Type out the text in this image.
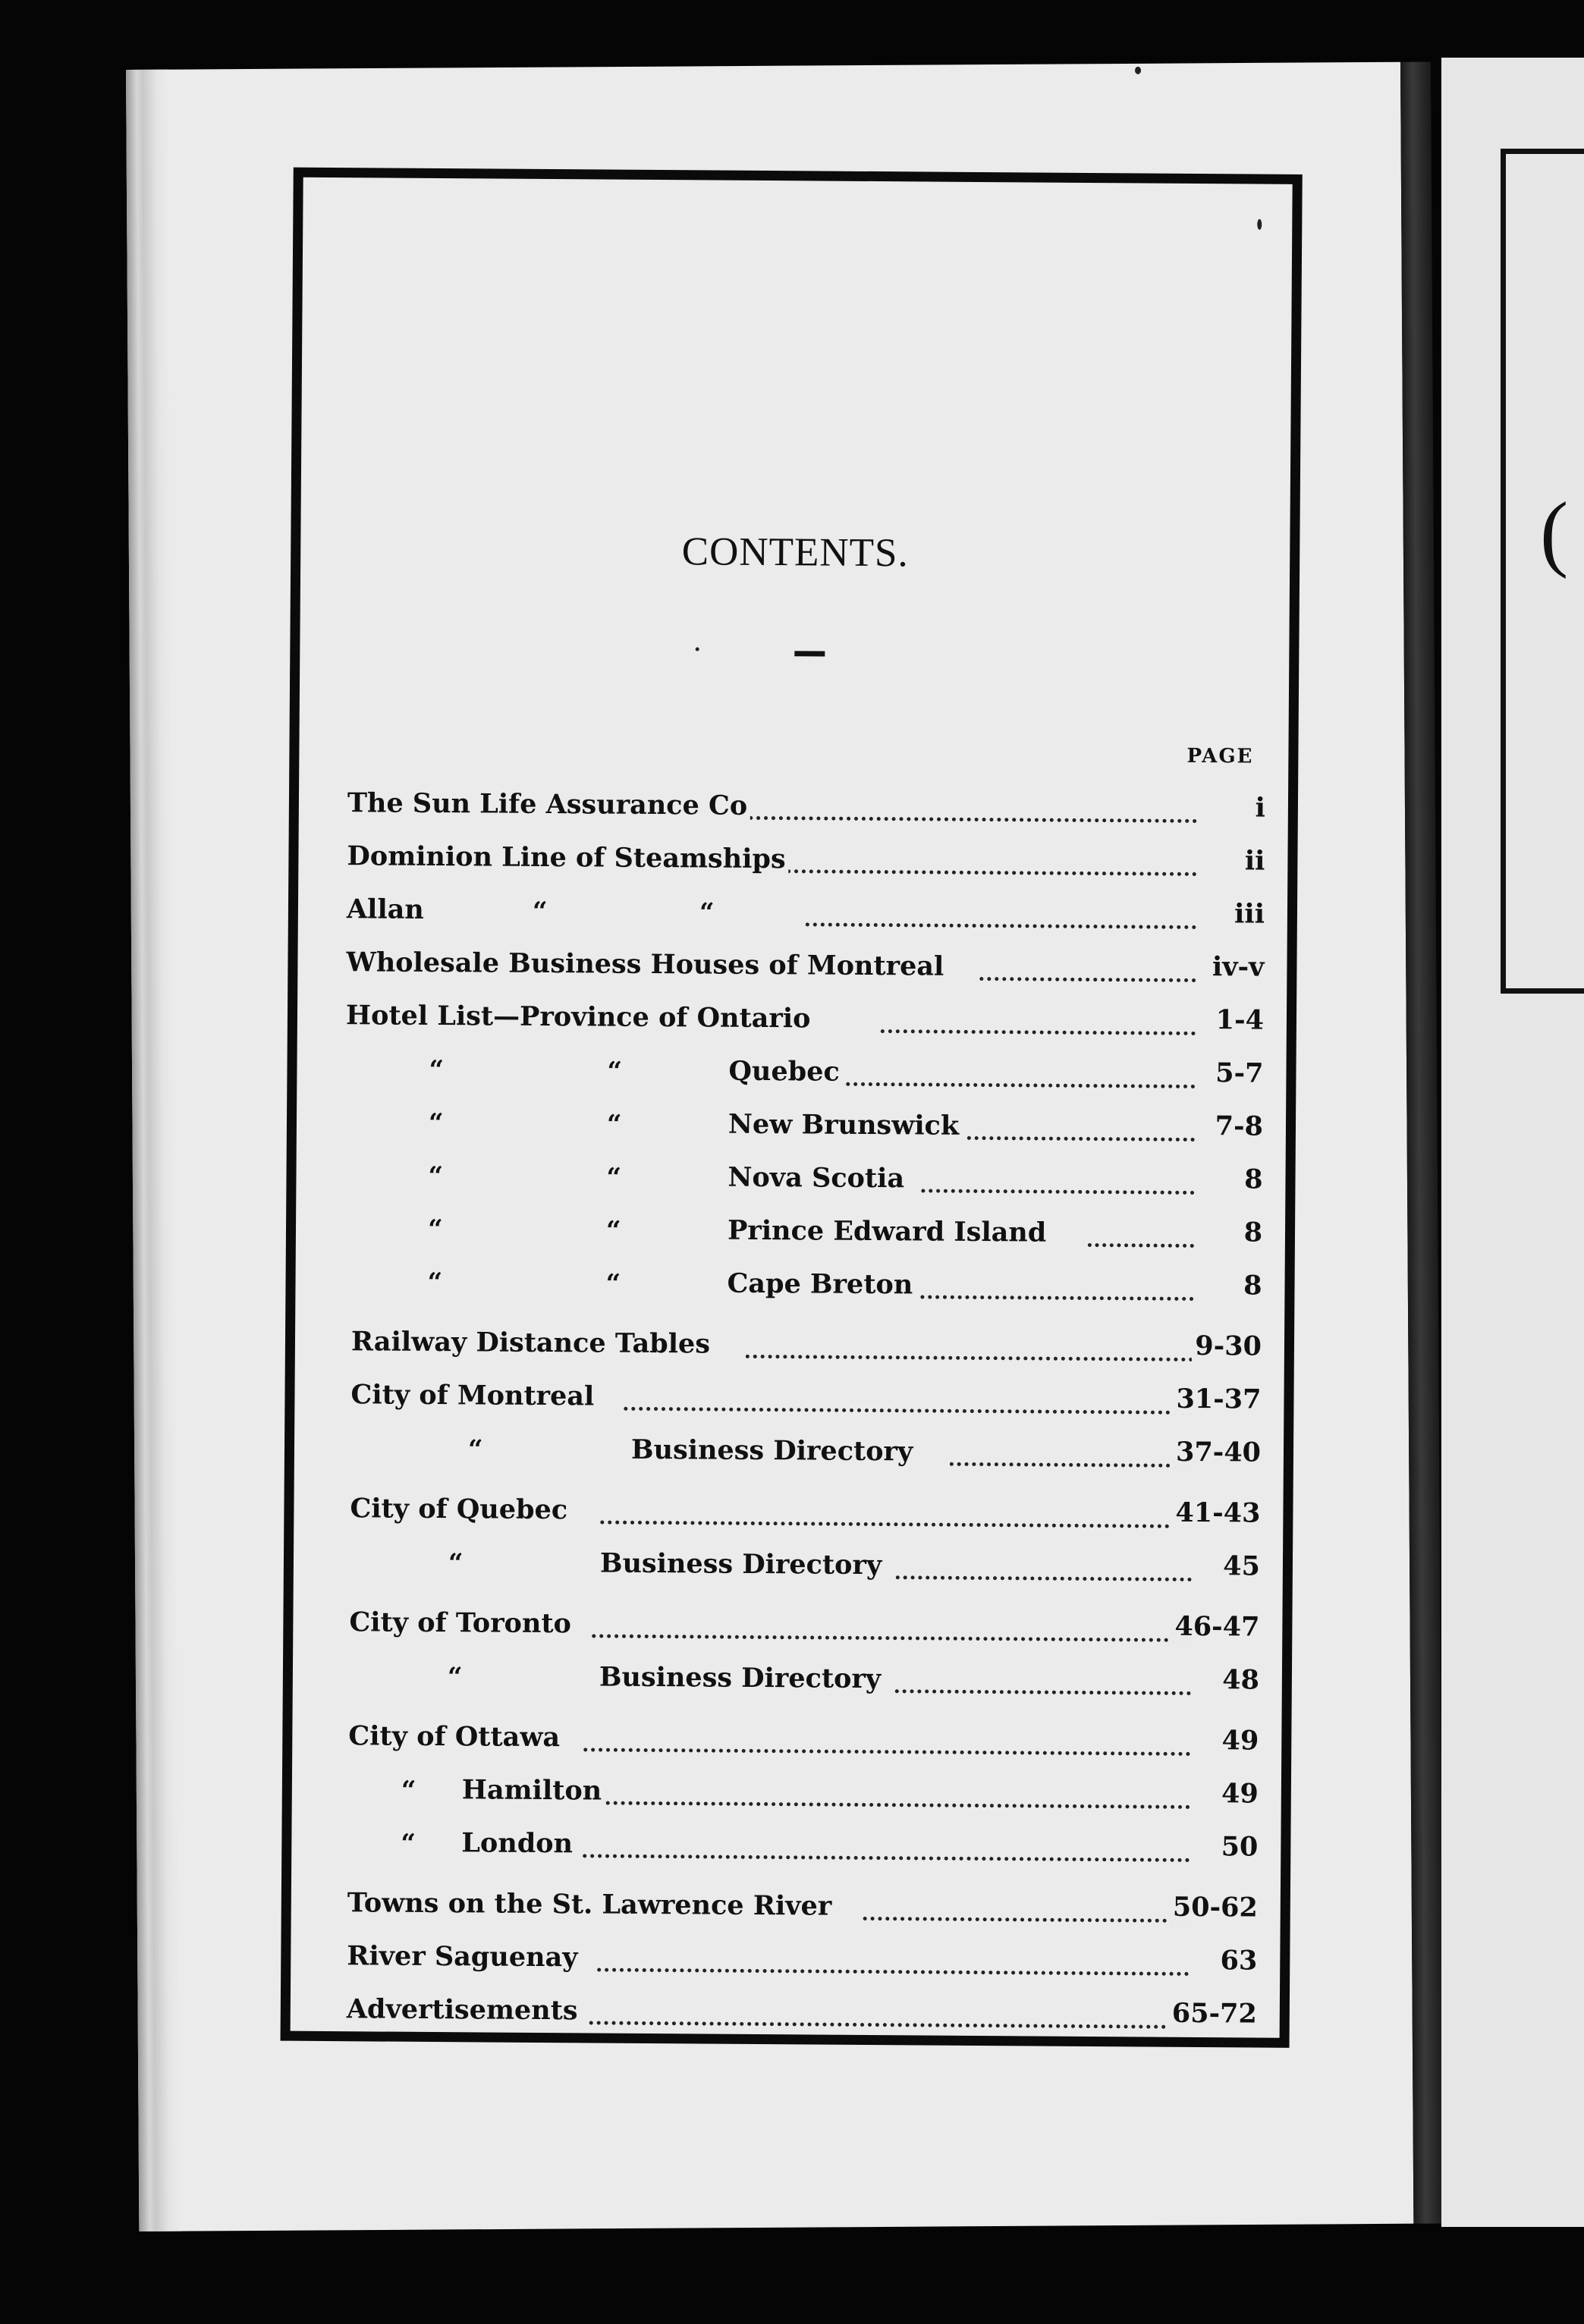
CONTENTS.
PAGE
The Sun Life Assurance Co	i
Dominion Line of Steamships	ii
Allan	“	“	iii
Wholesale Business Houses of Montreal	iv-v
Hotel List—Province of Ontario	1-4
“	“	Quebec	5-7
“	“	New Brunswick	7-8
“	“	Nova Scotia	8
“	“	Prince Edward Island	8
“	“	Cape Breton	8
Railway Distance Tables	9-30
City of Montreal	31-37
“	Business Directory	37-40
City of Quebec	41-43
“	Business Directory	45
City of Toronto	46-47
“	Business Directory	48
City of Ottawa	49
“ Hamilton	49
“ London	50
Towns on the St. Lawrence River	50-62
River Saguenay	63
Advertisements	65-72
(
